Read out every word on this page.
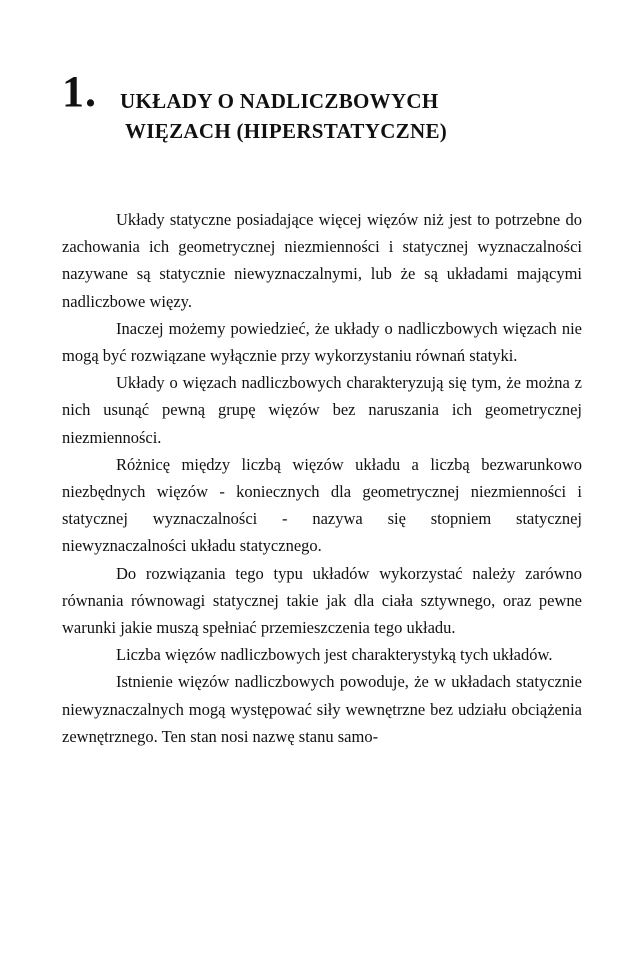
1. UKŁADY O NADLICZBOWYCH
WIĘZACH (HIPERSTATYCZNE)

Układy statyczne posiadające więcej więzów niż jest to potrzebne do zachowania ich geometrycznej niezmienności i statycznej wyznaczalności nazywane są statycznie niewyznaczalnymi, lub że są układami mającymi nadliczbowe więzy.

Inaczej możemy powiedzieć, że układy o nadliczbowych więzach nie mogą być rozwiązane wyłącznie przy wykorzystaniu równań statyki.

Układy o więzach nadliczbowych charakteryzują się tym, że można z nich usunąć pewną grupę więzów bez naruszania ich geometrycznej niezmienności.

Różnicę między liczbą więzów układu a liczbą bezwarunkowo niezbędnych więzów - koniecznych dla geometrycznej niezmienności i statycznej wyznaczalności - nazywa się stopniem statycznej niewyznaczalności układu statycznego.

Do rozwiązania tego typu układów wykorzystać należy zarówno równania równowagi statycznej takie jak dla ciała sztywnego, oraz pewne warunki jakie muszą spełniać przemieszczenia tego układu.

Liczba więzów nadliczbowych jest charakterystyką tych układów.

Istnienie więzów nadliczbowych powoduje, że w układach statycznie niewyznaczalnych mogą występować siły wewnętrzne bez udziału obciążenia zewnętrznego. Ten stan nosi nazwę stanu samo-
